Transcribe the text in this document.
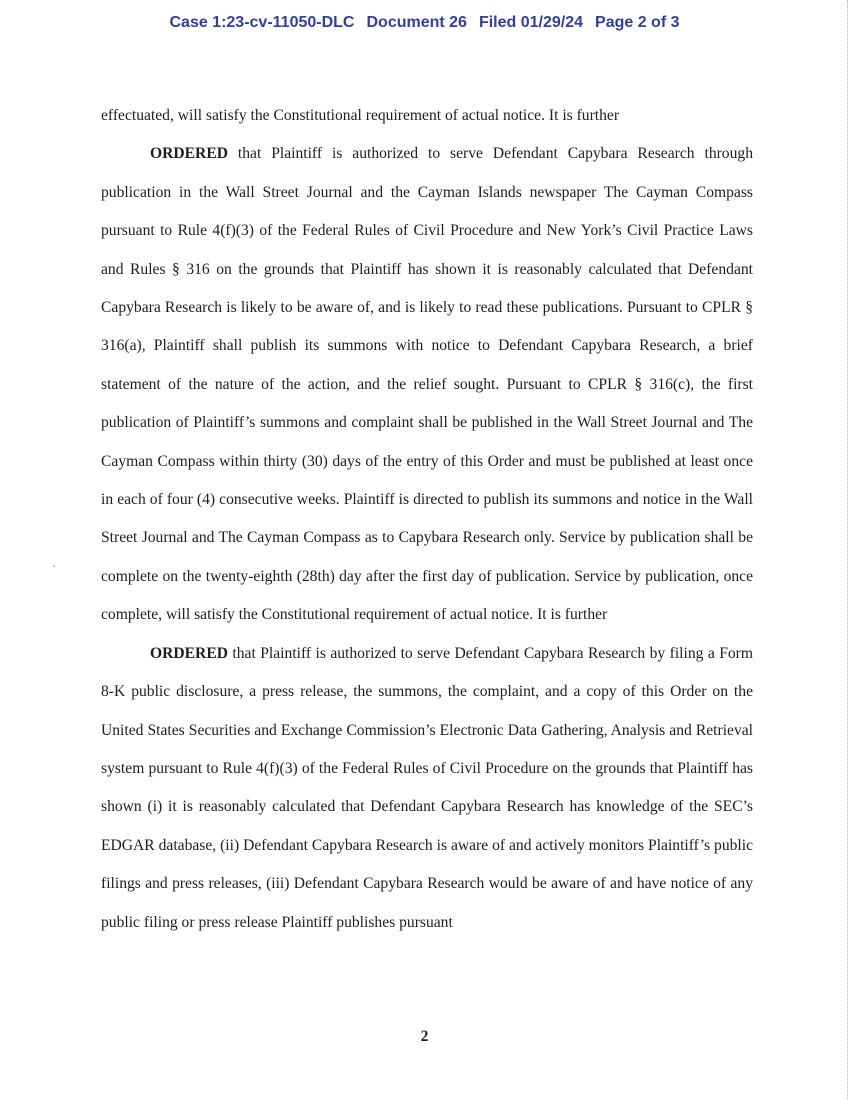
Case 1:23-cv-11050-DLC Document 26 Filed 01/29/24 Page 2 of 3

effectuated, will satisfy the Constitutional requirement of actual notice. It is further

ORDERED that Plaintiff is authorized to serve Defendant Capybara Research through publication in the Wall Street Journal and the Cayman Islands newspaper The Cayman Compass pursuant to Rule 4(f)(3) of the Federal Rules of Civil Procedure and New York’s Civil Practice Laws and Rules § 316 on the grounds that Plaintiff has shown it is reasonably calculated that Defendant Capybara Research is likely to be aware of, and is likely to read these publications. Pursuant to CPLR § 316(a), Plaintiff shall publish its summons with notice to Defendant Capybara Research, a brief statement of the nature of the action, and the relief sought. Pursuant to CPLR § 316(c), the first publication of Plaintiff’s summons and complaint shall be published in the Wall Street Journal and The Cayman Compass within thirty (30) days of the entry of this Order and must be published at least once in each of four (4) consecutive weeks. Plaintiff is directed to publish its summons and notice in the Wall Street Journal and The Cayman Compass as to Capybara Research only. Service by publication shall be complete on the twenty-eighth (28th) day after the first day of publication. Service by publication, once complete, will satisfy the Constitutional requirement of actual notice. It is further

ORDERED that Plaintiff is authorized to serve Defendant Capybara Research by filing a Form 8-K public disclosure, a press release, the summons, the complaint, and a copy of this Order on the United States Securities and Exchange Commission’s Electronic Data Gathering, Analysis and Retrieval system pursuant to Rule 4(f)(3) of the Federal Rules of Civil Procedure on the grounds that Plaintiff has shown (i) it is reasonably calculated that Defendant Capybara Research has knowledge of the SEC’s EDGAR database, (ii) Defendant Capybara Research is aware of and actively monitors Plaintiff’s public filings and press releases, (iii) Defendant Capybara Research would be aware of and have notice of any public filing or press release Plaintiff publishes pursuant

2
